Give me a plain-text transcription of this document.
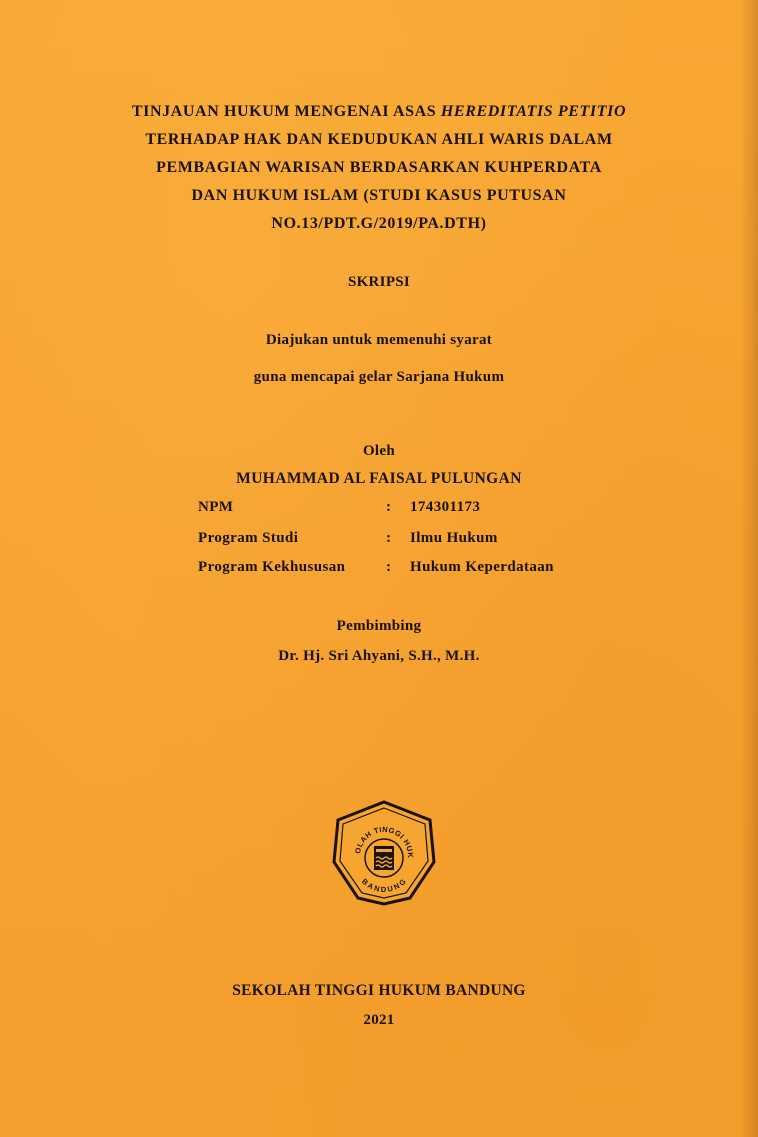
TINJAUAN HUKUM MENGENAI ASAS HEREDITATIS PETITIO
TERHADAP HAK DAN KEDUDUKAN AHLI WARIS DALAM
PEMBAGIAN WARISAN BERDASARKAN KUHPERDATA
DAN HUKUM ISLAM (STUDI KASUS PUTUSAN
NO.13/PDT.G/2019/PA.DTH)
SKRIPSI
Diajukan untuk memenuhi syarat
guna mencapai gelar Sarjana Hukum
Oleh
MUHAMMAD AL FAISAL PULUNGAN
NPM	: 174301173
Program Studi	: Ilmu Hukum
Program Kekhususan	: Hukum Keperdataan
Pembimbing
Dr. Hj. Sri Ahyani, S.H., M.H.
OLAH TINGGI HUK
BANDUNG
SEKOLAH TINGGI HUKUM BANDUNG
2021
